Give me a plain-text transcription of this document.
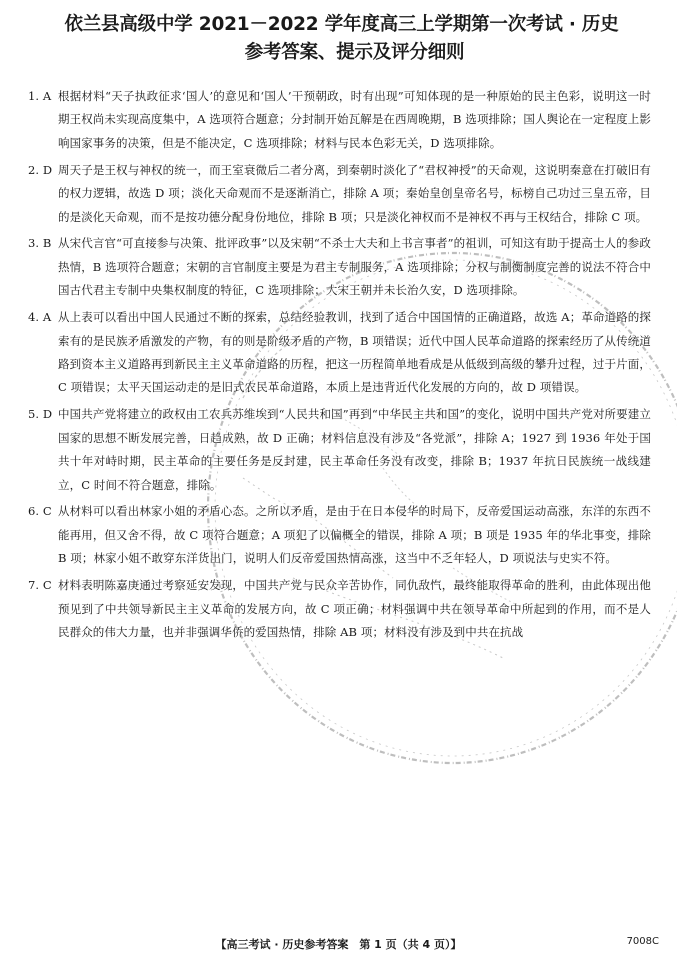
依兰县高级中学 2021－2022 学年度高三上学期第一次考试 · 历史
参考答案、提示及评分细则
1. A 根据材料“天子执政征求‘国人’的意见和‘国人’干预朝政，时有出现”可知体现的是一种原始的民主色彩，说明这一时期王权尚未实现高度集中，A 选项符合题意；分封制开始瓦解是在西周晚期，B 选项排除；国人舆论在一定程度上影响国家事务的决策，但是不能决定，C 选项排除；材料与民本色彩无关，D 选项排除。
2. D 周天子是王权与神权的统一，而王室衰微后二者分离，到秦朝时淡化了“君权神授”的天命观，这说明秦意在打破旧有的权力逻辑，故选 D 项；淡化天命观而不是逐渐消亡，排除 A 项；秦始皇创皇帝名号，标榜自己功过三皇五帝，目的是淡化天命观，而不是按功德分配身份地位，排除 B 项；只是淡化神权而不是神权不再与王权结合，排除 C 项。
3. B 从宋代言官“可直接参与决策、批评政事”以及宋朝“不杀士大夫和上书言事者”的祖训，可知这有助于提高士人的参政热情，B 选项符合题意；宋朝的言官制度主要是为君主专制服务，A 选项排除；分权与制衡制度完善的说法不符合中国古代君主专制中央集权制度的特征，C 选项排除；大宋王朝并未长治久安，D 选项排除。
4. A 从上表可以看出中国人民通过不断的探索，总结经验教训，找到了适合中国国情的正确道路，故选 A；革命道路的探索有的是民族矛盾激发的产物，有的则是阶级矛盾的产物，B 项错误；近代中国人民革命道路的探索经历了从传统道路到资本主义道路再到新民主主义革命道路的历程，把这一历程简单地看成是从低级到高级的攀升过程，过于片面，C 项错误；太平天国运动走的是旧式农民革命道路，本质上是违背近代化发展的方向的，故 D 项错误。
5. D 中国共产党将建立的政权由工农兵苏维埃到“人民共和国”再到“中华民主共和国”的变化，说明中国共产党对所要建立国家的思想不断发展完善，日趋成熟，故 D 正确；材料信息没有涉及“各党派”，排除 A；1927 到 1936 年处于国共十年对峙时期，民主革命的主要任务是反封建，民主革命任务没有改变，排除 B；1937 年抗日民族统一战线建立，C 时间不符合题意，排除。
6. C 从材料可以看出林家小姐的矛盾心态。之所以矛盾，是由于在日本侵华的时局下，反帝爱国运动高涨，东洋的东西不能再用，但又舍不得，故 C 项符合题意；A 项犯了以偏概全的错误，排除 A 项；B 项是 1935 年的华北事变，排除 B 项；林家小姐不敢穿东洋货出门，说明人们反帝爱国热情高涨，这当中不乏年轻人，D 项说法与史实不符。
7. C 材料表明陈嘉庚通过考察延安发现，中国共产党与民众辛苦协作，同仇敌忾，最终能取得革命的胜利，由此体现出他预见到了中共领导新民主主义革命的发展方向，故 C 项正确；材料强调中共在领导革命中所起到的作用，而不是人民群众的伟大力量，也并非强调华侨的爱国热情，排除 AB 项；材料没有涉及到中共在抗战
【高三考试 · 历史参考答案　第 1 页（共 4 页）】	7008C
